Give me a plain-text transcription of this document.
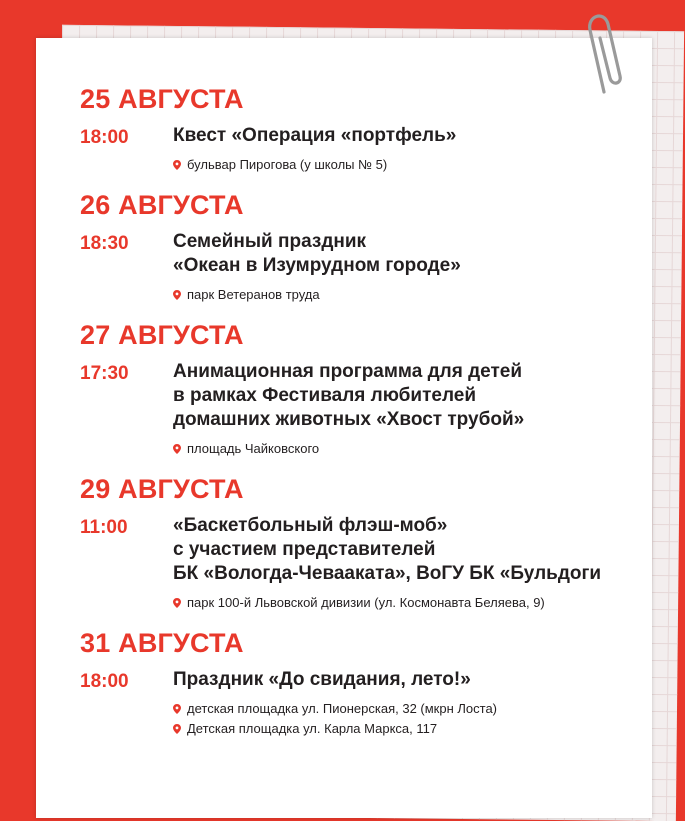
25 АВГУСТА
18:00 Квест «Операция «портфель»
бульвар Пирогова (у школы № 5)
26 АВГУСТА
18:30 Семейный праздник
«Океан в Изумрудном городе»
парк Ветеранов труда
27 АВГУСТА
17:30 Анимационная программа для детей
в рамках Фестиваля любителей
домашних животных «Хвост трубой»
площадь Чайковского
29 АВГУСТА
11:00 «Баскетбольный флэш-моб»
с участием представителей
БК «Вологда-Чевааката», ВоГУ БК «Бульдоги
парк 100-й Львовской дивизии (ул. Космонавта Беляева, 9)
31 АВГУСТА
18:00 Праздник «До свидания, лето!»
детская площадка ул. Пионерская, 32 (мкрн Лоста)
Детская площадка ул. Карла Маркса, 117
